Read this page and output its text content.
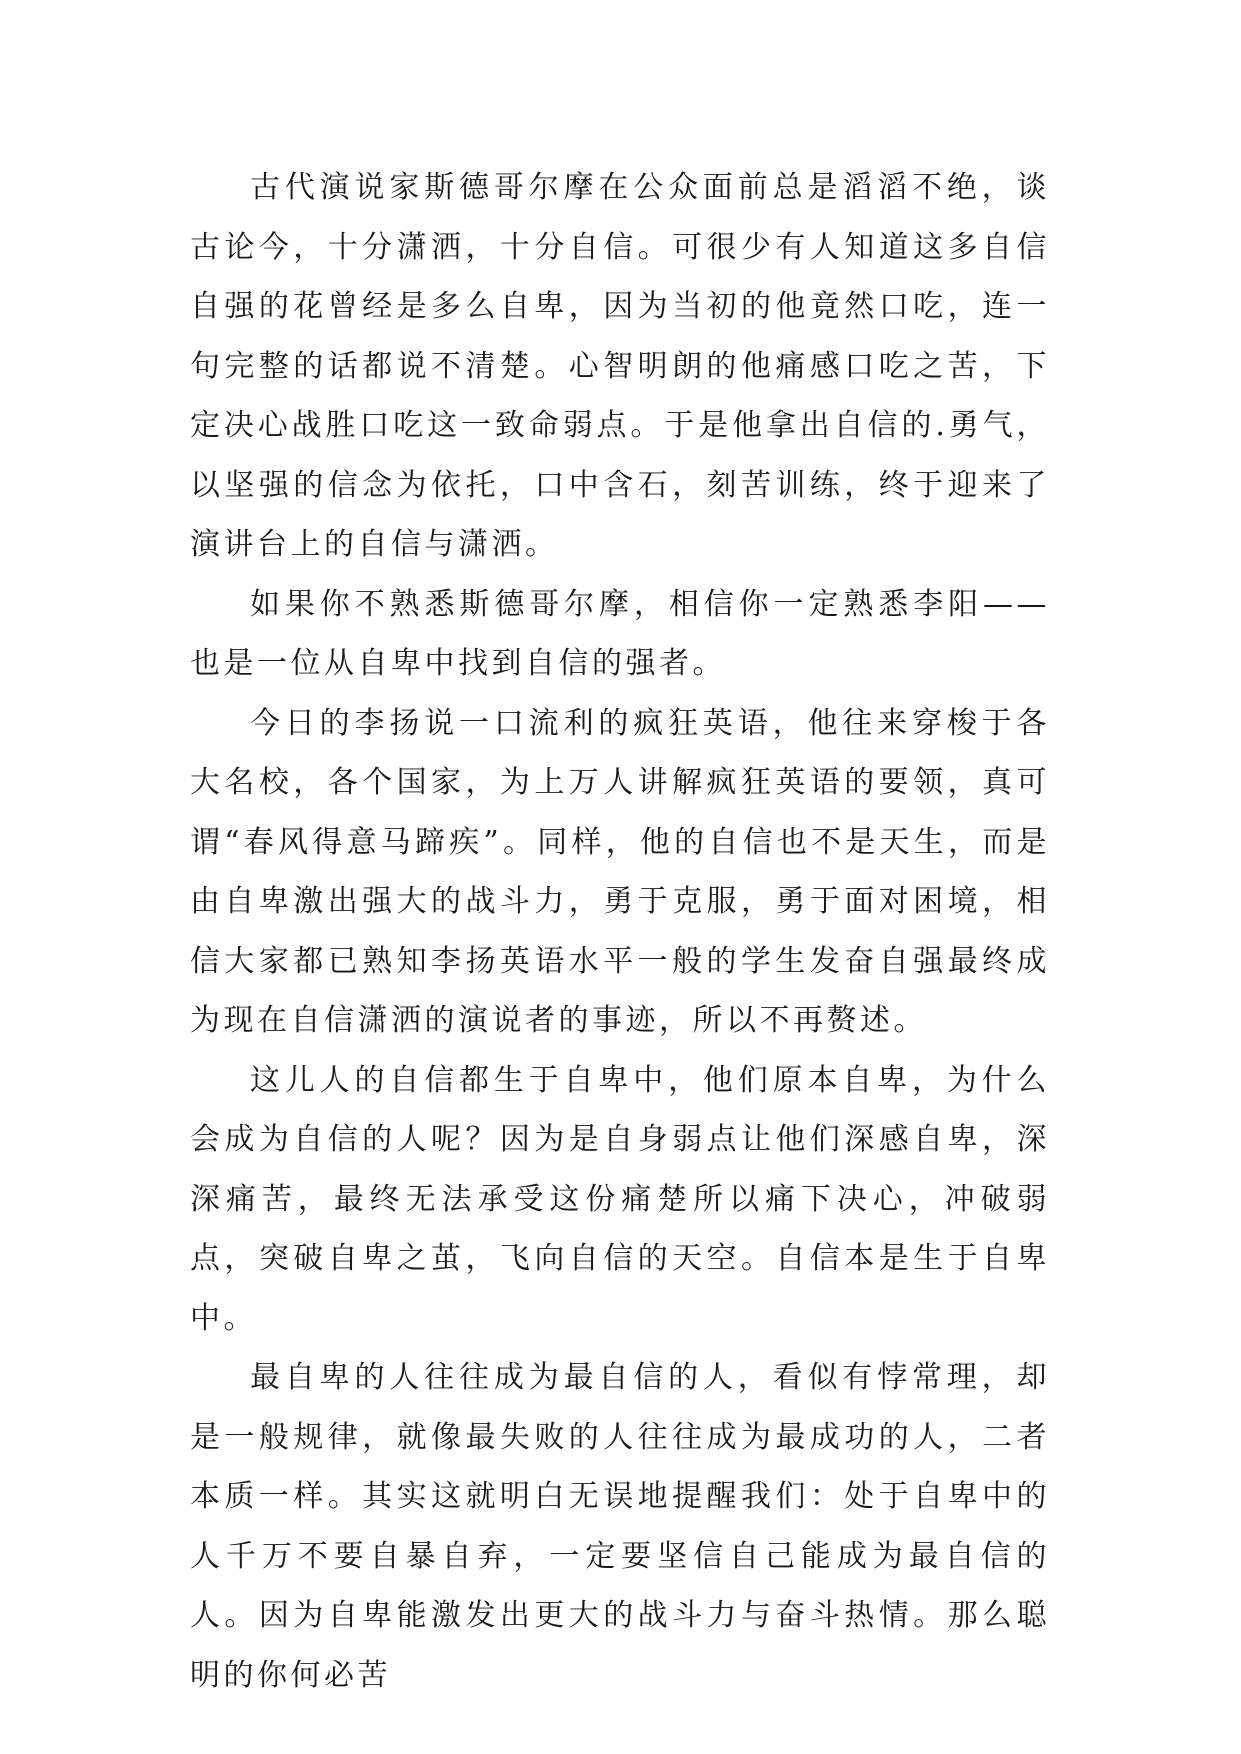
古代演说家斯德哥尔摩在公众面前总是滔滔不绝，谈古论今，十分潇洒，十分自信。可很少有人知道这多自信自强的花曾经是多么自卑，因为当初的他竟然口吃，连一句完整的话都说不清楚。心智明朗的他痛感口吃之苦，下定决心战胜口吃这一致命弱点。于是他拿出自信的.勇气，以坚强的信念为依托，口中含石，刻苦训练，终于迎来了演讲台上的自信与潇洒。

如果你不熟悉斯德哥尔摩，相信你一定熟悉李阳——也是一位从自卑中找到自信的强者。

今日的李扬说一口流利的疯狂英语，他往来穿梭于各大名校，各个国家，为上万人讲解疯狂英语的要领，真可谓“春风得意马蹄疾”。同样，他的自信也不是天生，而是由自卑激出强大的战斗力，勇于克服，勇于面对困境，相信大家都已熟知李扬英语水平一般的学生发奋自强最终成为现在自信潇洒的演说者的事迹，所以不再赘述。

这儿人的自信都生于自卑中，他们原本自卑，为什么会成为自信的人呢？因为是自身弱点让他们深感自卑，深深痛苦，最终无法承受这份痛楚所以痛下决心，冲破弱点，突破自卑之茧，飞向自信的天空。自信本是生于自卑中。

最自卑的人往往成为最自信的人，看似有悖常理，却是一般规律，就像最失败的人往往成为最成功的人，二者本质一样。其实这就明白无误地提醒我们：处于自卑中的人千万不要自暴自弃，一定要坚信自己能成为最自信的人。因为自卑能激发出更大的战斗力与奋斗热情。那么聪明的你何必苦
